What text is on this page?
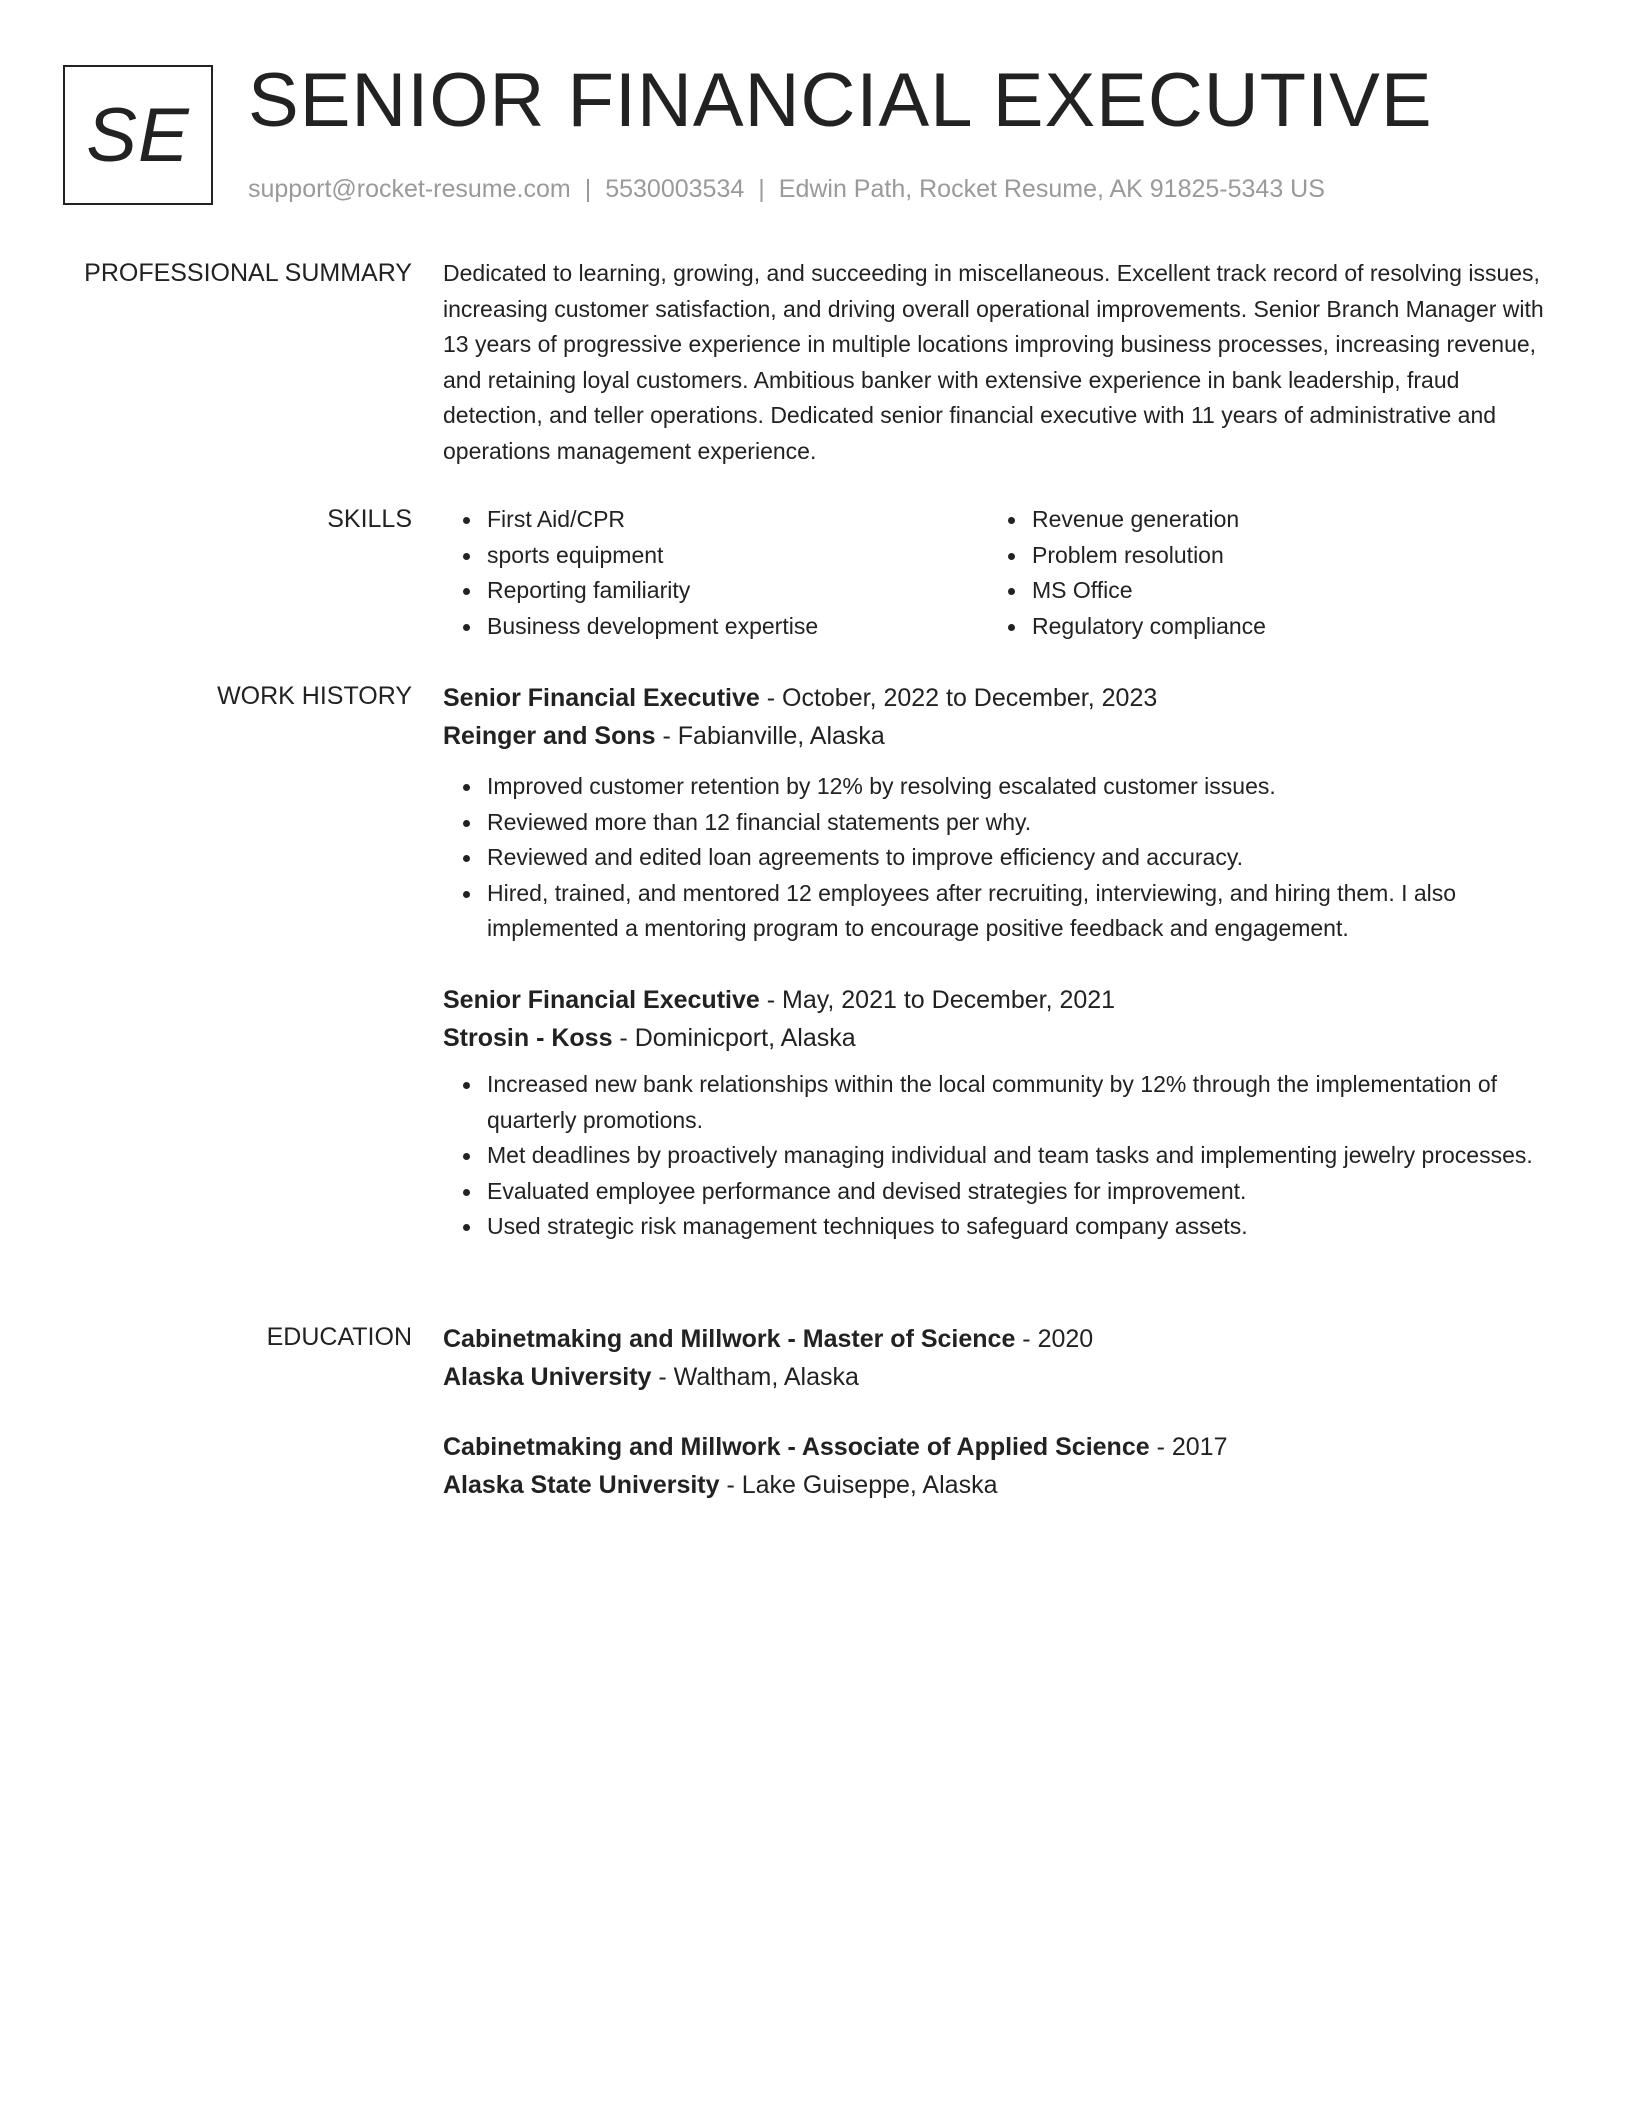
SE SENIOR FINANCIAL EXECUTIVE
support@rocket-resume.com | 5530003534 | Edwin Path, Rocket Resume, AK 91825-5343 US
PROFESSIONAL SUMMARY Dedicated to learning, growing, and succeeding in miscellaneous. Excellent track record of resolving issues, increasing customer satisfaction, and driving overall operational improvements. Senior Branch Manager with 13 years of progressive experience in multiple locations improving business processes, increasing revenue, and retaining loyal customers. Ambitious banker with extensive experience in bank leadership, fraud detection, and teller operations. Dedicated senior financial executive with 11 years of administrative and operations management experience.

SKILLS	First Aid/CPR
sports equipment
Reporting familiarity
Business development expertise
Revenue generation
Problem resolution
MS Office
Regulatory compliance
WORK HISTORY Senior Financial Executive - October, 2022 to December, 2023
Reinger and Sons - Fabianville, Alaska
Improved customer retention by 12% by resolving escalated customer issues.
Reviewed more than 12 financial statements per why.
Reviewed and edited loan agreements to improve efficiency and accuracy.
Hired, trained, and mentored 12 employees after recruiting, interviewing, and hiring them. I also implemented a mentoring program to encourage positive feedback and engagement.
Senior Financial Executive - May, 2021 to December, 2021
Strosin - Koss - Dominicport, Alaska
Increased new bank relationships within the local community by 12% through the implementation of quarterly promotions.
Met deadlines by proactively managing individual and team tasks and implementing jewelry processes.
Evaluated employee performance and devised strategies for improvement.
Used strategic risk management techniques to safeguard company assets.
EDUCATION Cabinetmaking and Millwork - Master of Science - 2020
Alaska University - Waltham, Alaska
Cabinetmaking and Millwork - Associate of Applied Science - 2017
Alaska State University - Lake Guiseppe, Alaska
